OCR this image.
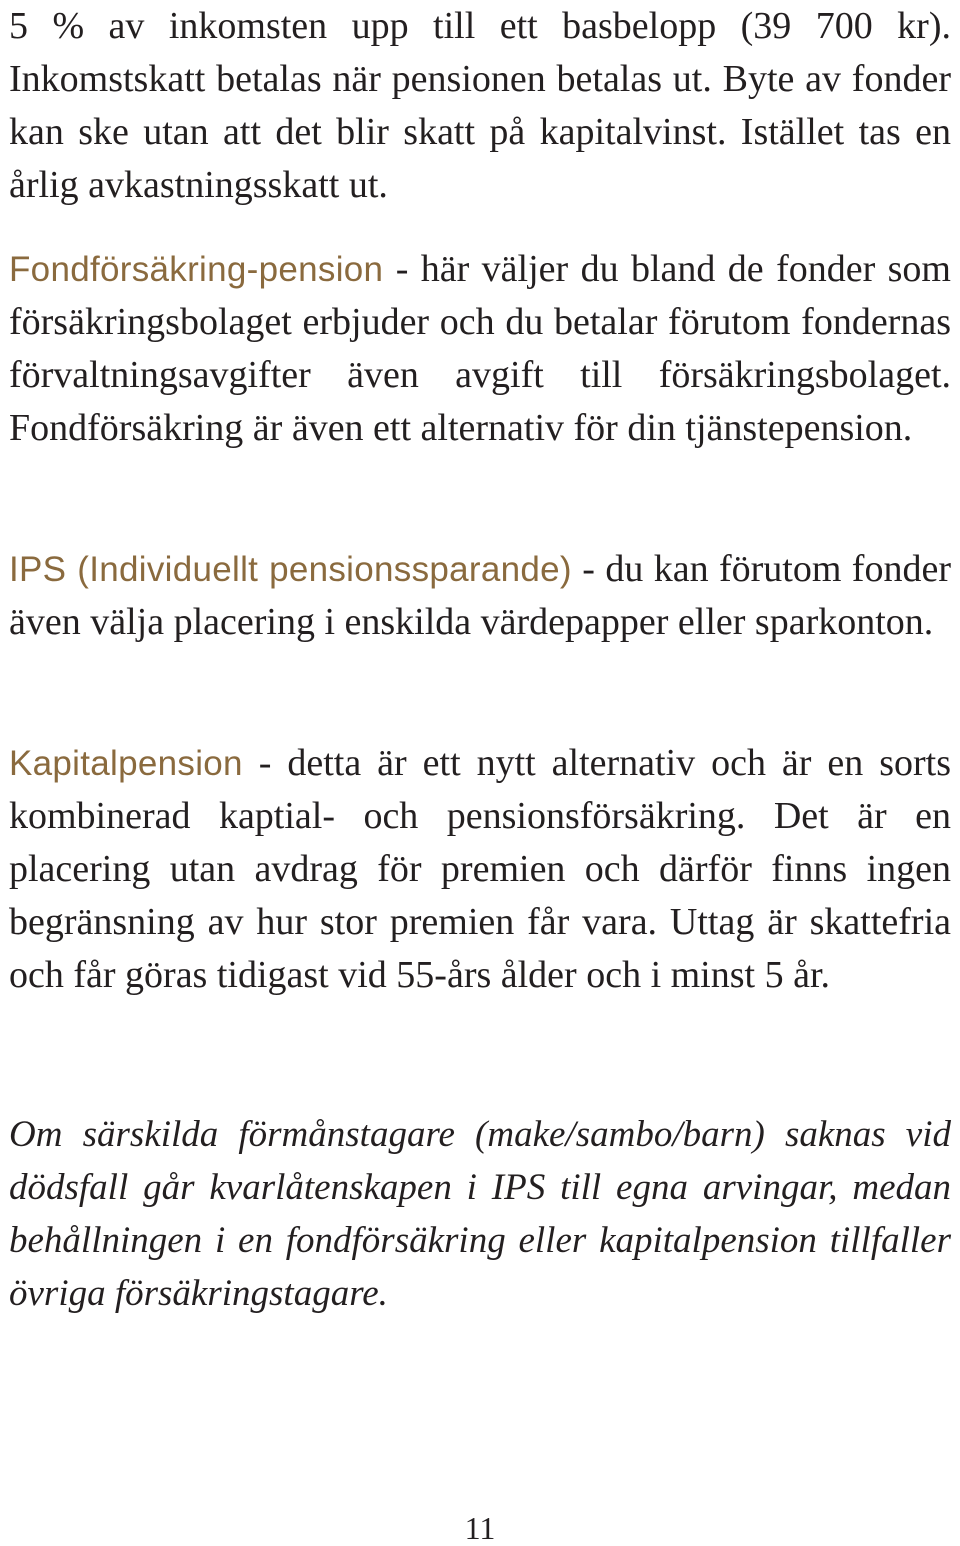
5 % av inkomsten upp till ett basbelopp (39 700 kr). Inkomstskatt betalas när pensionen betalas ut. Byte av fonder kan ske utan att det blir skatt på kapitalvinst. Istället tas en årlig avkastningsskatt ut.

Fondförsäkring-pension - här väljer du bland de fonder som försäkringsbolaget erbjuder och du betalar förutom fondernas förvaltningsavgifter även avgift till försäkringsbolaget. Fondförsäkring är även ett alternativ för din tjänstepension.

IPS (Individuellt pensionssparande) - du kan förutom fonder även välja placering i enskilda värdepapper eller sparkonton.

Kapitalpension - detta är ett nytt alternativ och är en sorts kombinerad kaptial- och pensionsförsäkring. Det är en placering utan avdrag för premien och därför finns ingen begränsning av hur stor premien får vara. Uttag är skattefria och får göras tidigast vid 55-års ålder och i minst 5 år.

Om särskilda förmånstagare (make/sambo/barn) saknas vid dödsfall går kvarlåtenskapen i IPS till egna arvingar, medan behållningen i en fondförsäkring eller kapitalpension tillfaller övriga försäkringstagare.

11
